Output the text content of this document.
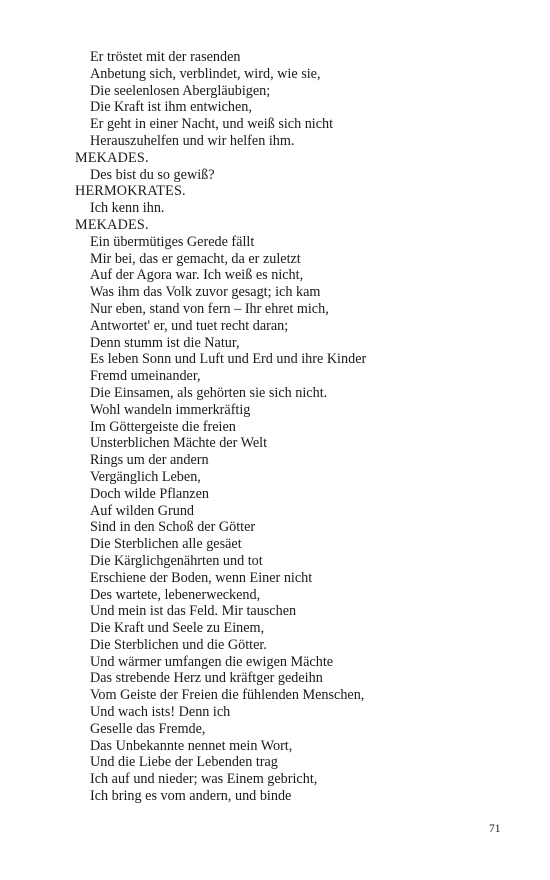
Er tröstet mit der rasenden
Anbetung sich, verblindet, wird, wie sie,
Die seelenlosen Abergläubigen;
Die Kraft ist ihm entwichen,
Er geht in einer Nacht, und weiß sich nicht
Herauszuhelfen und wir helfen ihm.
MEKADES.
Des bist du so gewiß?
HERMOKRATES.
Ich kenn ihn.
MEKADES.
Ein übermütiges Gerede fällt
Mir bei, das er gemacht, da er zuletzt
Auf der Agora war. Ich weiß es nicht,
Was ihm das Volk zuvor gesagt; ich kam
Nur eben, stand von fern – Ihr ehret mich,
Antwortet' er, und tuet recht daran;
Denn stumm ist die Natur,
Es leben Sonn und Luft und Erd und ihre Kinder
Fremd umeinander,
Die Einsamen, als gehörten sie sich nicht.
Wohl wandeln immerkräftig
Im Göttergeiste die freien
Unsterblichen Mächte der Welt
Rings um der andern
Vergänglich Leben,
Doch wilde Pflanzen
Auf wilden Grund
Sind in den Schoß der Götter
Die Sterblichen alle gesäet
Die Kärglichgenährten und tot
Erschiene der Boden, wenn Einer nicht
Des wartete, lebenerweckend,
Und mein ist das Feld. Mir tauschen
Die Kraft und Seele zu Einem,
Die Sterblichen und die Götter.
Und wärmer umfangen die ewigen Mächte
Das strebende Herz und kräftger gedeihn
Vom Geiste der Freien die fühlenden Menschen,
Und wach ists! Denn ich
Geselle das Fremde,
Das Unbekannte nennet mein Wort,
Und die Liebe der Lebenden trag
Ich auf und nieder; was Einem gebricht,
Ich bring es vom andern, und binde
71
